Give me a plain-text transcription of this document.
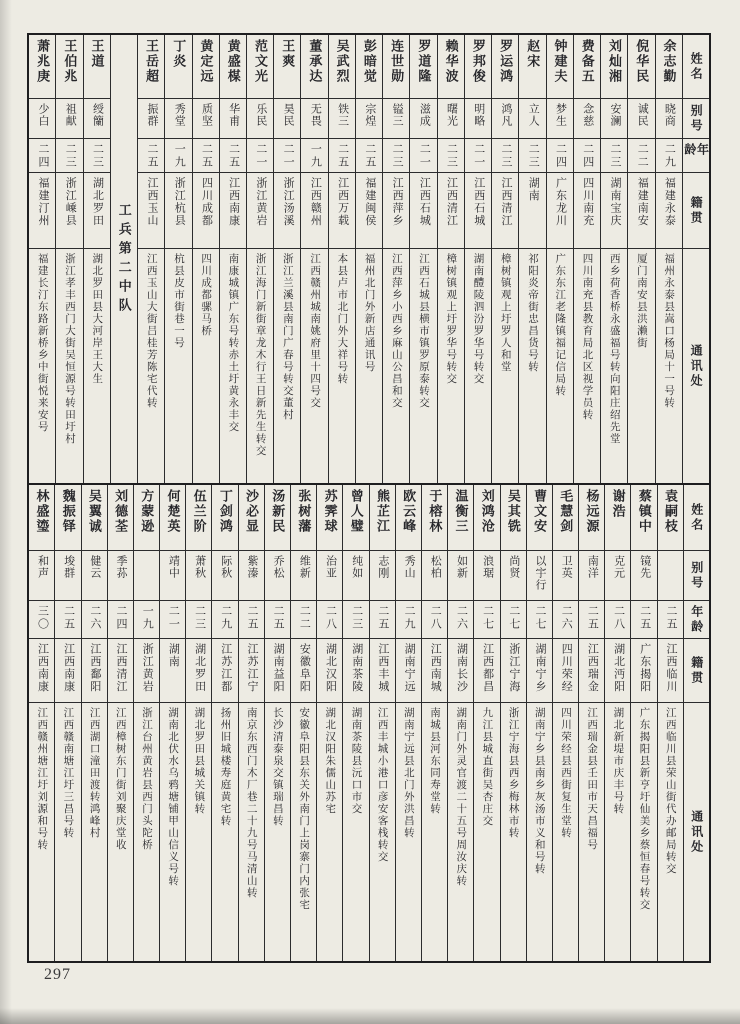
姓名
别号
年龄
籍贯
通讯处
余志勤
晓商
二九
福建永泰
福州永泰县嵩口杨局十一号转
倪华民
诚民
二二
福建南安
厦门南安县洪濑街
刘灿湘
安澜
二三
湖南宝庆
西乡荷香桥永盛福号转向阳庄绍先堂
费备五
念慈
二四
四川南充
四川南充县教育局北区视学员转
钟建夫
梦生
二四
广东龙川
广东东江老隆镇福记信局转
赵宋
立人
二三
湖南
祁阳炎帝街忠昌货号转
罗运鸿
鸿凡
二三
江西清江
樟树镇观上圩罗人和堂
罗邦俊
明略
二一
江西石城
湖南醴陵泗汾罗华号转交
赖华波
曙光
二三
江西清江
樟树镇观上圩罗华号转交
罗道隆
滋成
二一
江西石城
江西石城县横市镇罗原泰转交
连世勋
镒三
二三
江西萍乡
江西萍乡小西乡麻山公昌和交
彭暗觉
宗煌
二五
福建闽侯
福州北门外新店通讯号
吴武烈
铁三
二五
江西万载
本县卢市北门外大祥号转
董承达
无畏
一九
江西赣州
江西赣州城南姚府里十四号交
王爽
昊民
二一
浙江汤溪
浙江兰溪县南门广春号转交董村
范文光
乐民
二一
浙江黄岩
浙江海门新街章龙木行王日新先生转交
黄盛楳
华甫
二五
江西南康
南康城镇广东号转赤土圩黄永丰交
黄定远
质坚
二五
四川成都
四川成都骡马桥
丁炎
秀堂
一九
浙江杭县
杭县皮市街巷一号
王岳超
振群
二五
江西玉山
江西玉山大街吕桂芳陈宅代转
工兵第二中队
王道
绶籣
二三
湖北罗田
湖北罗田县大河岸王大生
王伯兆
祖献
二三
浙江嵊县
浙江孝丰西门大街吴恒源号转田圩村
萧兆庚
少白
二四
福建汀州
福建长汀东路新桥乡中街悦来安号
姓名
别号
年龄
籍贯
通讯处
袁嗣枝
二五
江西临川
江西临川县荣山街代办邮局转交
蔡镇中
镜先
二五
广东揭阳
广东揭阳县新亨圩仙美乡蔡恒春号转交
谢浩
克元
二八
湖北沔阳
湖北新堤市庆丰号转
杨远源
南洋
二五
江西瑞金
江西瑞金县壬田市天昌福号
毛慧剑
卫英
二六
四川荣经
四川荣经县西街复生堂转
曹文安
以宇行
二七
湖南宁乡
湖南宁乡县南乡灰汤市义和号转
吴其铣
尚贤
二七
浙江宁海
浙江宁海县西乡梅林市转
刘鸿沧
浪琚
二七
江西都昌
九江县城直街吴杏庄交
温衡三
如新
二六
湖南长沙
湖南门外灵官渡二十五号周汝庆转
于榕林
松柏
二八
江西南城
南城县河东同寿堂转
欧云峰
秀山
二九
湖南宁远
湖南宁远县北门外洪昌转
熊芷江
志刚
二五
江西丰城
江西丰城小港口彦安客栈转交
曾人璧
纯如
二三
湖南茶陵
湖南茶陵县沅口市交
苏霁球
治亚
二八
湖北汉阳
湖北汉阳朱儒山苏宅
张树藩
维新
二二
安徽阜阳
安徽阜阳县东关外南门上岗寨门内张宅
汤新民
乔松
二五
湖南益阳
长沙清泰泉交镇瑞昌转
沙必显
紫溱
二五
江苏江宁
南京东西门木厂巷二十九号马清山转
丁剑鸿
际秋
二九
江苏江都
扬州旧城楼寿庭黄宅转
伍兰阶
萧秋
二三
湖北罗田
湖北罗田县城关镇转
何楚英
靖中
二一
湖南
湖南北伏水乌鸦塘铺甲山信义号转
方蒙逊
一九
浙江黄岩
浙江台州黄岩县西门头陀桥
刘德荃
季荪
二四
江西清江
江西樟树东门街刘聚庆堂收
吴翼诚
健云
二六
江西鄱阳
江西湖口潼田渡转鸿峰村
魏振铎
埈群
二五
江西南康
江西赣南塘江圩三昌号转
林盛瑬
和声
三〇
江西南康
江西赣州塘江圩刘源和号转
297
